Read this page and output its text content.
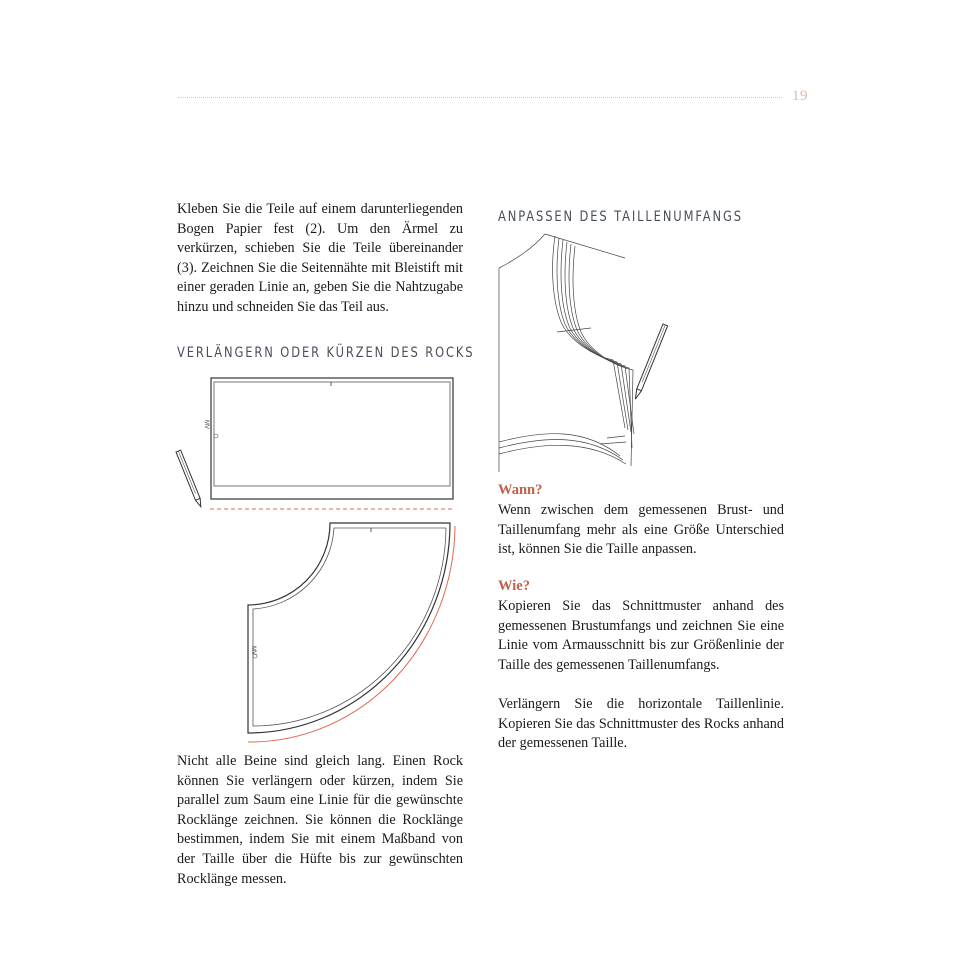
19

Kleben Sie die Teile auf einem darunterliegenden Bogen Papier fest (2). Um den Ärmel zu verkürzen, schieben Sie die Teile übereinander (3). Zeichnen Sie die Seitennähte mit Bleistift mit einer geraden Linie an, geben Sie die Nahtzugabe hinzu und schneiden Sie das Teil aus.

VERLÄNGERN ODER KÜRZEN DES ROCKS
MV
MV

Nicht alle Beine sind gleich lang. Einen Rock können Sie verlängern oder kürzen, indem Sie parallel zum Saum eine Linie für die gewünschte Rocklänge zeichnen. Sie können die Rocklänge bestimmen, indem Sie mit einem Maßband von der Taille über die Hüfte bis zur gewünschten Rocklänge messen.

ANPASSEN DES TAILLENUMFANGS
Wann?

Wenn zwischen dem gemessenen Brust- und Taillenumfang mehr als eine Größe Unterschied ist, können Sie die Taille anpassen.

Wie?

Kopieren Sie das Schnittmuster anhand des gemessenen Brustumfangs und zeichnen Sie eine Linie vom Armausschnitt bis zur Größenlinie der Taille des gemessenen Taillenumfangs.

Verlängern Sie die horizontale Taillenlinie. Kopieren Sie das Schnittmuster des Rocks anhand der gemessenen Taille.
